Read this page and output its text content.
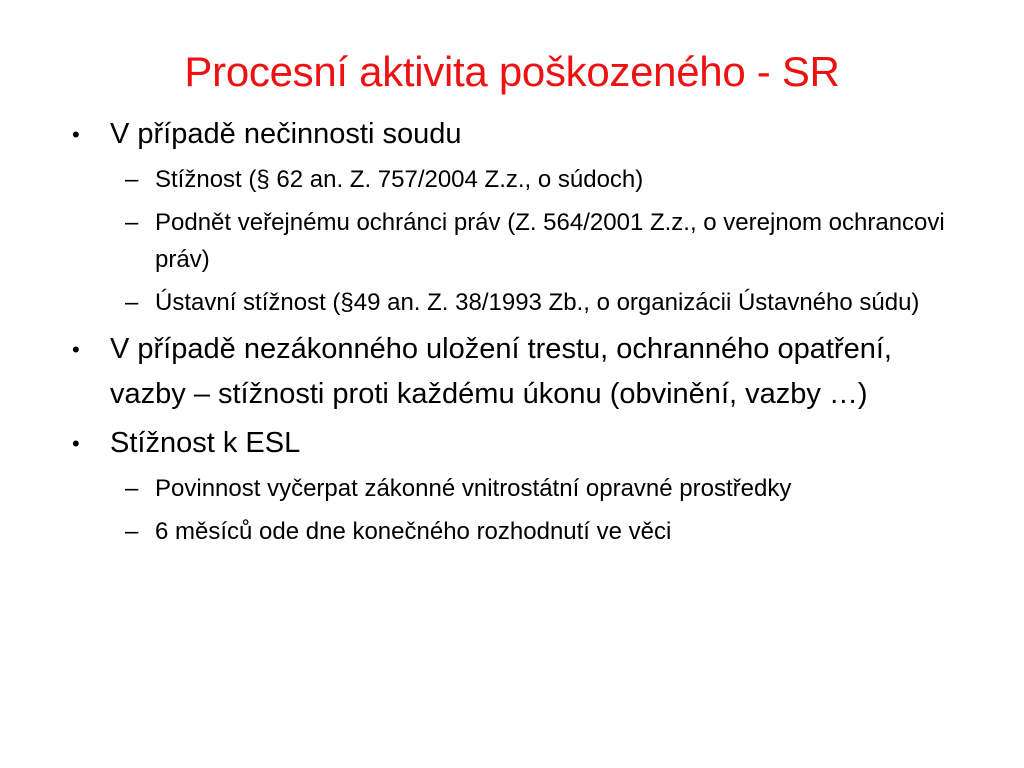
Procesní aktivita poškozeného - SR
•	V případě nečinnosti soudu
– Stížnost (§ 62 an. Z. 757/2004 Z.z., o súdoch)
– Podnět veřejnému ochránci práv (Z. 564/2001 Z.z., o verejnom ochrancovi práv)
– Ústavní stížnost (§49 an. Z. 38/1993 Zb., o organizácii Ústavného súdu)
•	V případě nezákonného uložení trestu, ochranného opatření, vazby – stížnosti proti každému úkonu (obvinění, vazby …)
•	Stížnost k ESL
– Povinnost vyčerpat zákonné vnitrostátní opravné prostředky
– 6 měsíců ode dne konečného rozhodnutí ve věci
